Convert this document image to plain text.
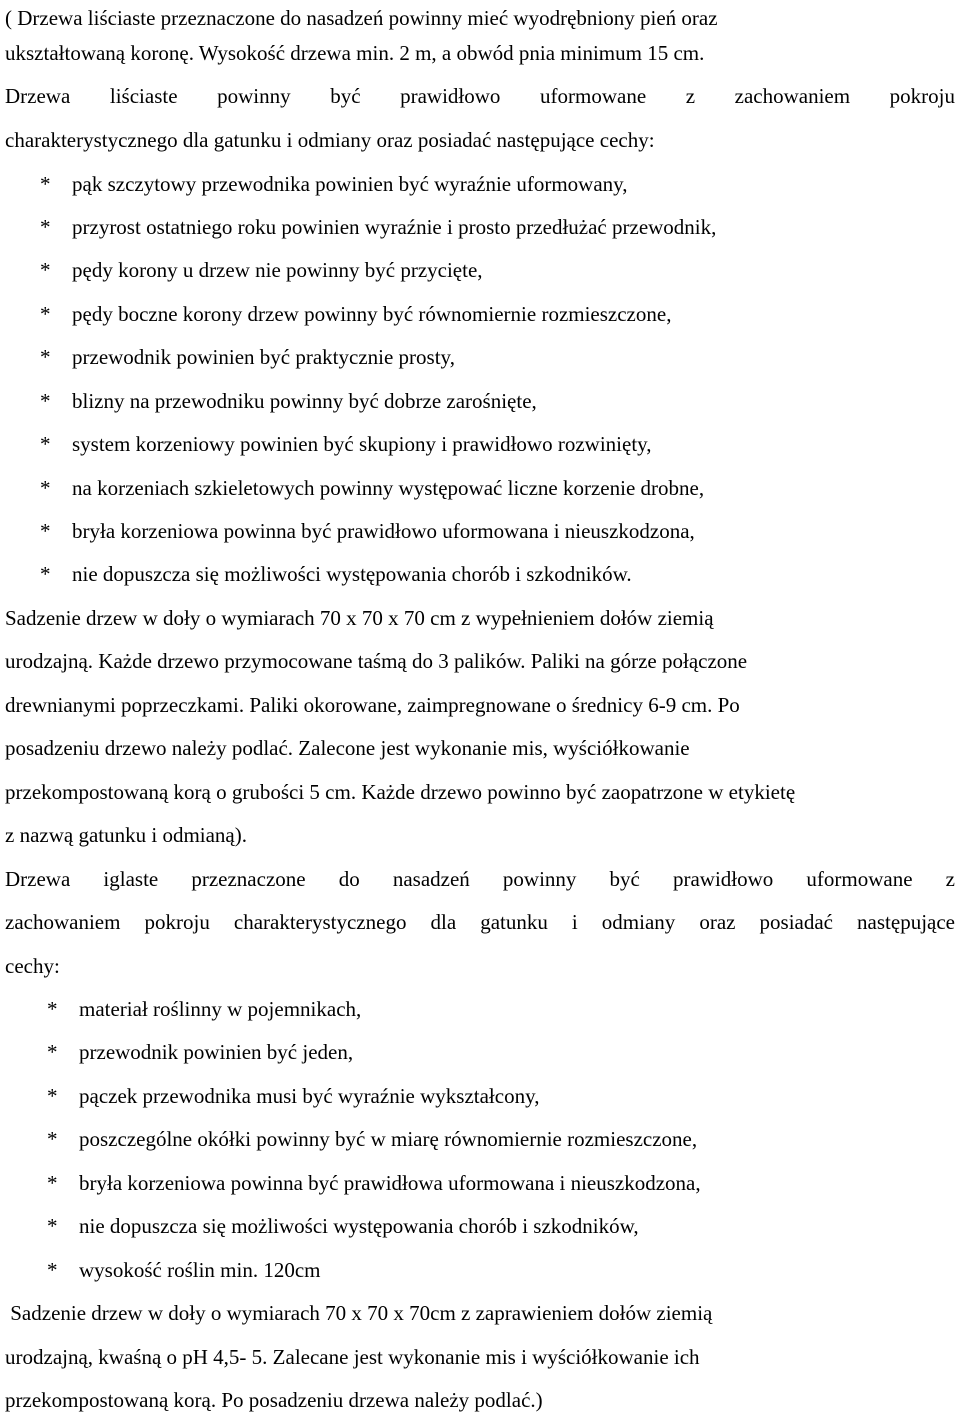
( Drzewa liściaste przeznaczone do nasadzeń powinny mieć wyodrębniony pień oraz
ukształtowaną koronę. Wysokość drzewa min. 2 m, a obwód pnia minimum 15 cm.
Drzewa liściaste powinny być prawidłowo uformowane z zachowaniem pokroju
charakterystycznego dla gatunku i odmiany oraz posiadać następujące cechy:
* pąk szczytowy przewodnika powinien być wyraźnie uformowany,
* przyrost ostatniego roku powinien wyraźnie i prosto przedłużać przewodnik,
* pędy korony u drzew nie powinny być przycięte,
* pędy boczne korony drzew powinny być równomiernie rozmieszczone,
* przewodnik powinien być praktycznie prosty,
* blizny na przewodniku powinny być dobrze zarośnięte,
* system korzeniowy powinien być skupiony i prawidłowo rozwinięty,
* na korzeniach szkieletowych powinny występować liczne korzenie drobne,
* bryła korzeniowa powinna być prawidłowo uformowana i nieuszkodzona,
* nie dopuszcza się możliwości występowania chorób i szkodników.
Sadzenie drzew w doły o wymiarach 70 x 70 x 70 cm z wypełnieniem dołów ziemią
urodzajną. Każde drzewo przymocowane taśmą do 3 palików. Paliki na górze połączone
drewnianymi poprzeczkami. Paliki okorowane, zaimpregnowane o średnicy 6-9 cm. Po
posadzeniu drzewo należy podlać. Zalecone jest wykonanie mis, wyściółkowanie
przekompostowaną korą o grubości 5 cm. Każde drzewo powinno być zaopatrzone w etykietę
z nazwą gatunku i odmianą).
Drzewa iglaste przeznaczone do nasadzeń powinny być prawidłowo uformowane z
zachowaniem pokroju charakterystycznego dla gatunku i odmiany oraz posiadać następujące
cechy:
* materiał roślinny w pojemnikach,
* przewodnik powinien być jeden,
* pączek przewodnika musi być wyraźnie wykształcony,
* poszczególne okółki powinny być w miarę równomiernie rozmieszczone,
* bryła korzeniowa powinna być prawidłowa uformowana i nieuszkodzona,
* nie dopuszcza się możliwości występowania chorób i szkodników,
* wysokość roślin min. 120cm
Sadzenie drzew w doły o wymiarach 70 x 70 x 70cm z zaprawieniem dołów ziemią
urodzajną, kwaśną o pH 4,5- 5. Zalecane jest wykonanie mis i wyściółkowanie ich
przekompostowaną korą. Po posadzeniu drzewa należy podlać.)
